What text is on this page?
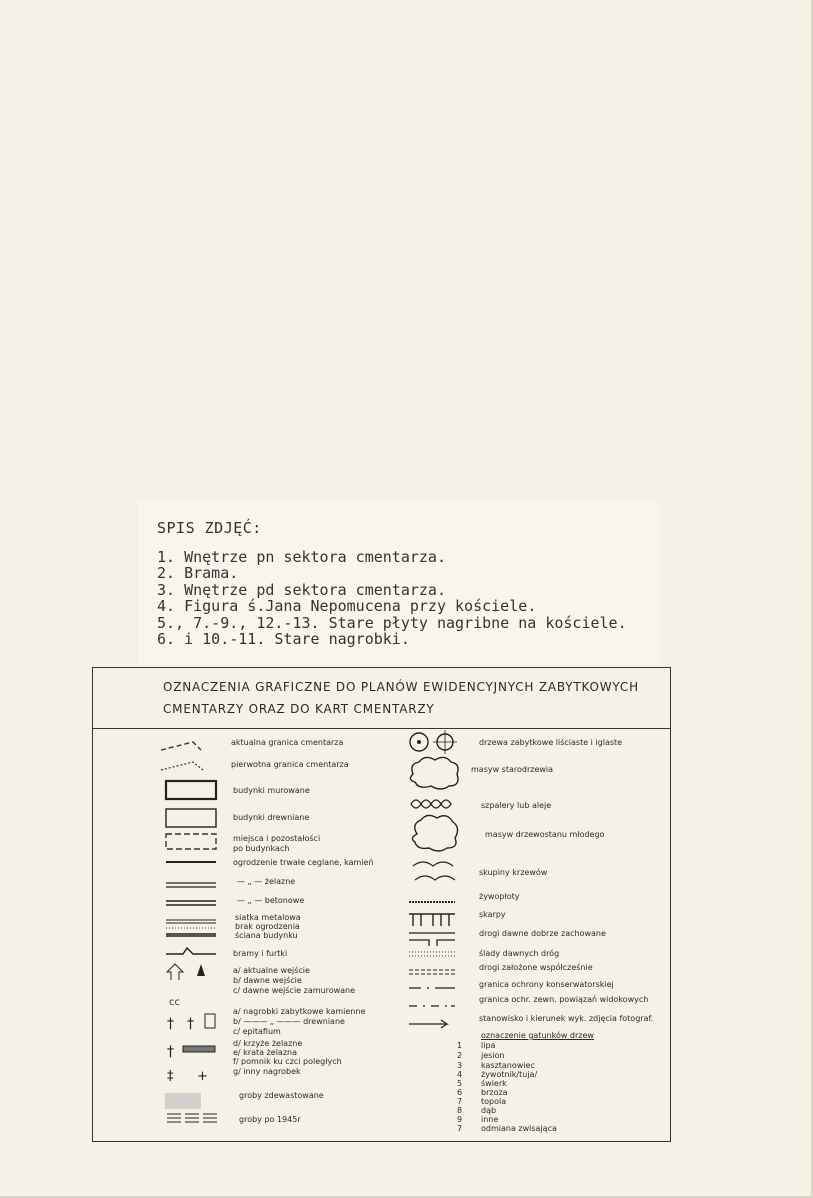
SPIS ZDJĘĆ:
1. Wnętrze pn sektora cmentarza.
2. Brama.
3. Wnętrze pd sektora cmentarza.
4. Figura ś.Jana Nepomucena przy kościele.
5., 7.-9., 12.-13. Stare płyty nagribne na kościele.
6. i 10.-11. Stare nagrobki.
OZNACZENIA GRAFICZNE DO PLANÓW EWIDENCYJNYCH ZABYTKOWYCH
CMENTARZY ORAZ DO KART CMENTARZY
ⅽⅽ
† †
†
‡ +
aktualna granica cmentarza
pierwotna granica cmentarza
budynki murowane
budynki drewniane
miejsca i pozostałości
po budynkach
ogrodzenie trwałe ceglane, kamień
— „ — żelazne
— „ — betonowe
siatka metalowa
brak ogrodzenia
ściana budynku
bramy i furtki
a/ aktualne wejście
b/ dawne wejście
c/ dawne wejście zamurowane
a/ nagrobki zabytkowe kamienne
b/ ——— „ ——— drewniane
c/ epitafium
d/ krzyże żelazne
e/ krata żelazna
f/ pomnik ku czci poległych
g/ inny nagrobek
groby zdewastowane
groby po 1945r
drzewa zabytkowe liściaste i iglaste
masyw starodrzewia
szpalery lub aleje
masyw drzewostanu młodego
skupiny krzewów
żywopłoty
skarpy
drogi dawne dobrze zachowane
ślady dawnych dróg
drogi założone współcześnie
granica ochrony konserwatorskiej
granica ochr. zewn. powiązań widokowych
stanowisko i kierunek wyk. zdjęcia fotograf.
oznaczenie gatunków drzew
1 lipa
2 jesion
3 kasztanowiec
4 żywotnik/tuja/
5 świerk
6 brzoza
7 topola
8 dąb
9 inne
7 odmiana zwisająca
